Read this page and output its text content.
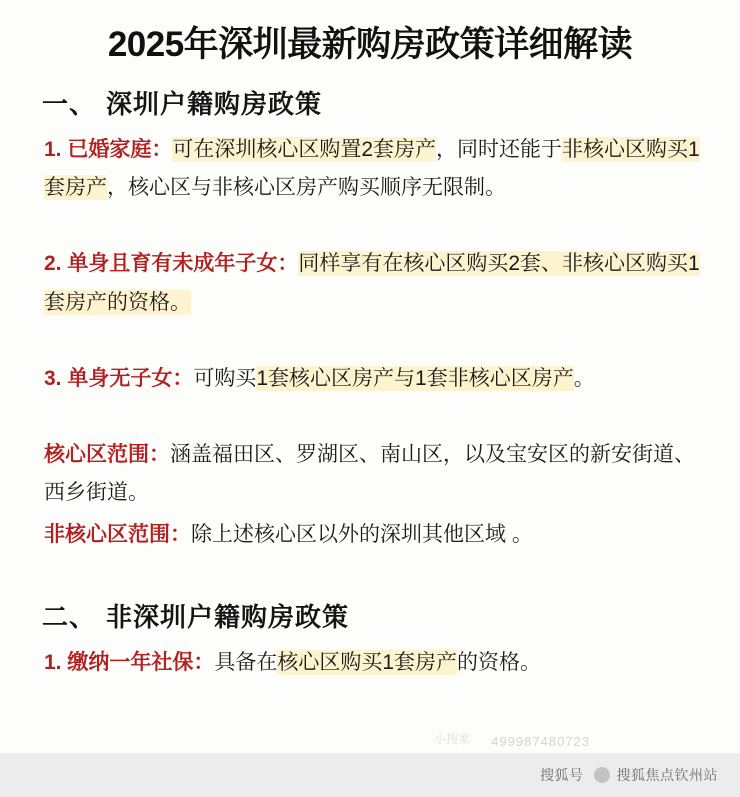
2025年深圳最新购房政策详细解读
一、 深圳户籍购房政策
1. 已婚家庭：可在深圳核心区购置2套房产，同时还能于非核心区购买1套房产，核心区与非核心区房产购买顺序无限制。
2. 单身且育有未成年子女：同样享有在核心区购买2套、非核心区购买1套房产的资格。
3. 单身无子女：可购买1套核心区房产与1套非核心区房产。
核心区范围：涵盖福田区、罗湖区、南山区，以及宝安区的新安街道、西乡街道。
非核心区范围：除上述核心区以外的深圳其他区域 。
二、 非深圳户籍购房政策
1. 缴纳一年社保：具备在核心区购买1套房产的资格。
小搜家 499987480723
搜狐号 搜狐焦点钦州站
